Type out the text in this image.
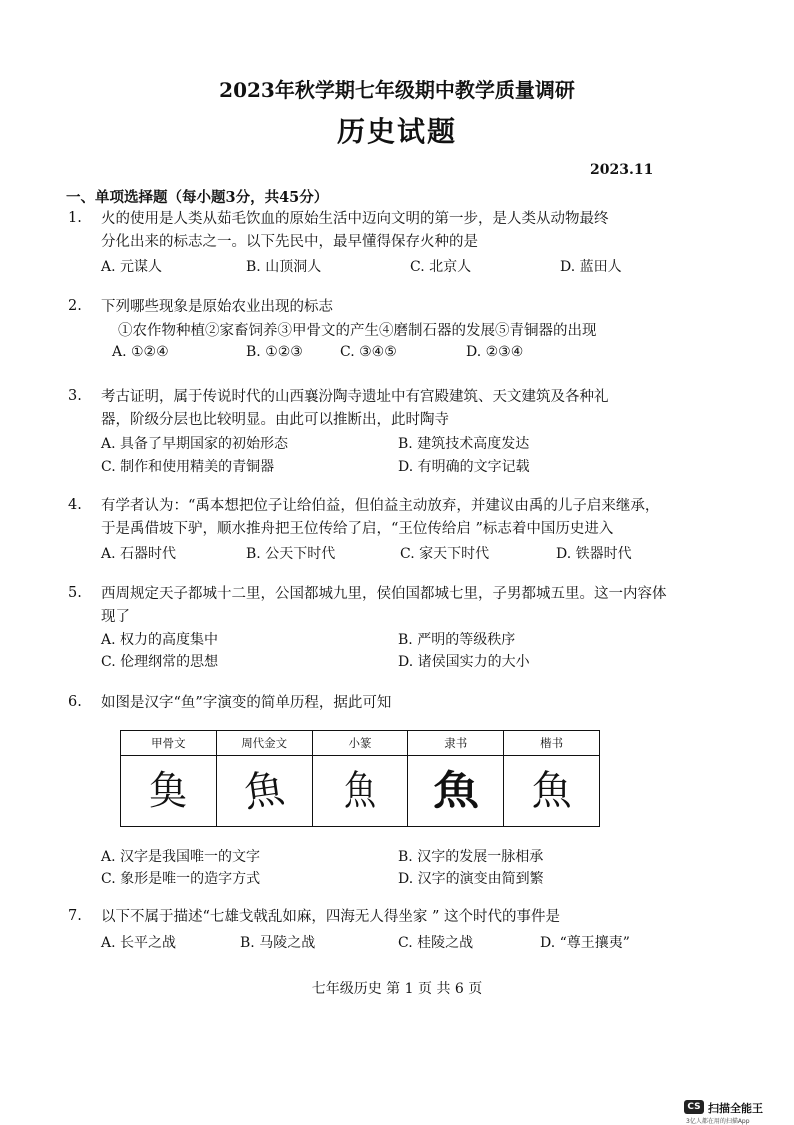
2023年秋学期七年级期中教学质量调研
历史试题
2023.11
一、单项选择题（每小题3分，共45分）
1. 火的使用是人类从茹毛饮血的原始生活中迈向文明的第一步，是人类从动物最终
分化出来的标志之一。以下先民中，最早懂得保存火种的是
A. 元谋人	B. 山顶洞人	C. 北京人	D. 蓝田人
2. 下列哪些现象是原始农业出现的标志
①农作物种植②家畜饲养③甲骨文的产生④磨制石器的发展⑤青铜器的出现
A. ①②④	B. ①②③	C. ③④⑤	D. ②③④
3. 考古证明，属于传说时代的山西襄汾陶寺遗址中有宫殿建筑、天文建筑及各种礼
器，阶级分层也比较明显。由此可以推断出，此时陶寺
A. 具备了早期国家的初始形态	B. 建筑技术高度发达
C. 制作和使用精美的青铜器	D. 有明确的文字记载
4. 有学者认为：“禹本想把位子让给伯益，但伯益主动放弃，并建议由禹的儿子启来继承，
于是禹借坡下驴，顺水推舟把王位传给了启，“王位传给启 ”标志着中国历史进入
A. 石器时代	B. 公天下时代	C. 家天下时代	D. 铁器时代
5. 西周规定天子都城十二里，公国都城九里，侯伯国都城七里，子男都城五里。这一内容体
现了
A. 权力的高度集中	B. 严明的等级秩序
C. 伦理纲常的思想	D. 诸侯国实力的大小
6. 如图是汉字“鱼”字演变的简单历程，据此可知
甲骨文	周代金文	小篆	隶书	楷书
𩵋	魚	魚	魚	魚
A. 汉字是我国唯一的文字	B. 汉字的发展一脉相承
C. 象形是唯一的造字方式	D. 汉字的演变由简到繁
7. 以下不属于描述“七雄戈戟乱如麻，四海无人得坐家 ” 这个时代的事件是
A. 长平之战	B. 马陵之战	C. 桂陵之战	D. “尊王攘夷”
七年级历史 第 1 页 共 6 页
CS 扫描全能王
3亿人都在用的扫描App
